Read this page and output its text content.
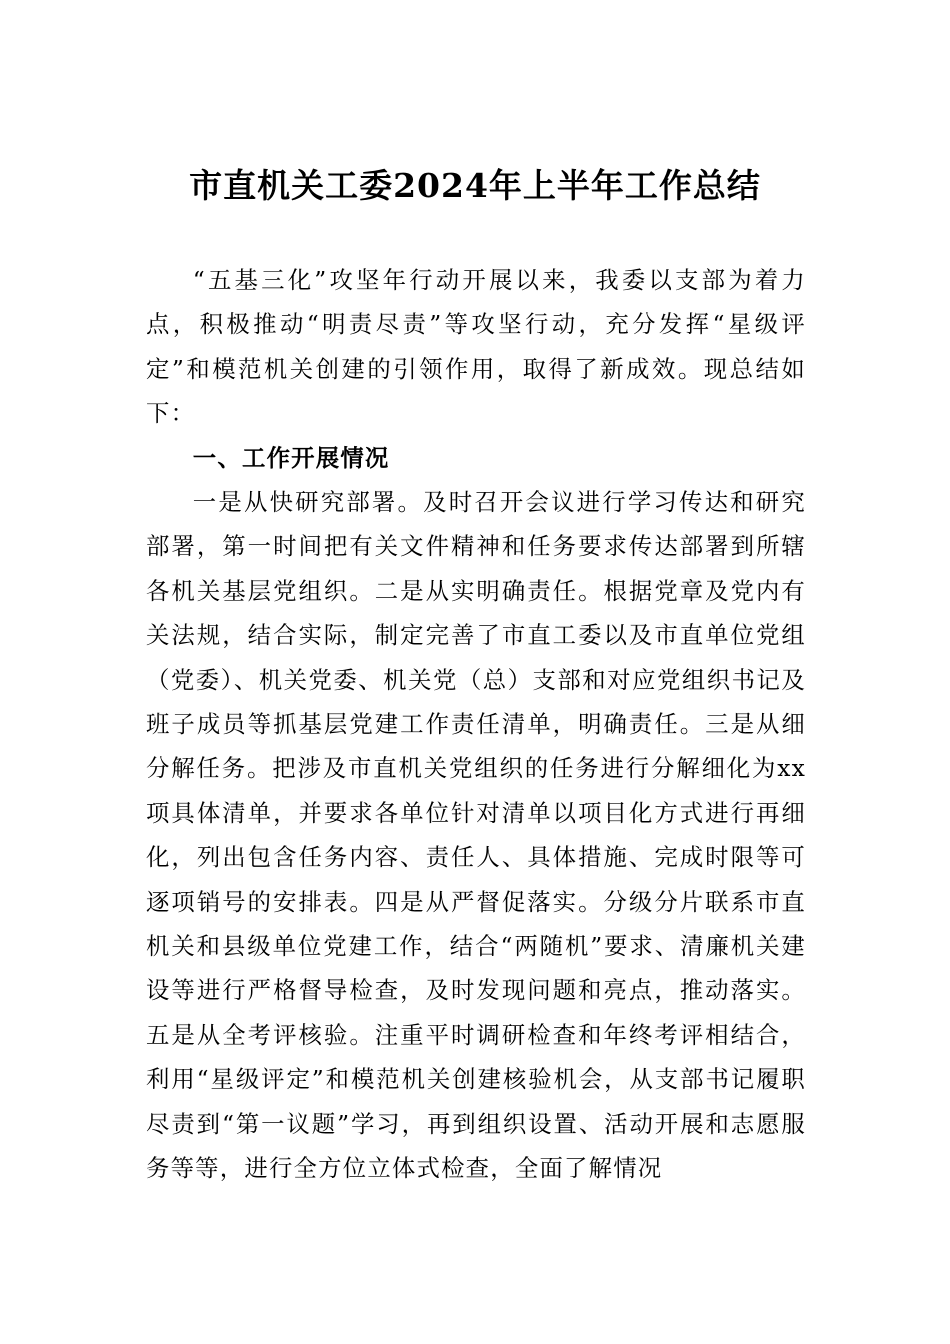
市直机关工委2024年上半年工作总结

“五基三化”攻坚年行动开展以来，我委以支部为着力点，积极推动“明责尽责”等攻坚行动，充分发挥“星级评定”和模范机关创建的引领作用，取得了新成效。现总结如下：

一、工作开展情况

一是从快研究部署。及时召开会议进行学习传达和研究部署，第一时间把有关文件精神和任务要求传达部署到所辖各机关基层党组织。二是从实明确责任。根据党章及党内有关法规，结合实际，制定完善了市直工委以及市直单位党组（党委）、机关党委、机关党（总）支部和对应党组织书记及班子成员等抓基层党建工作责任清单，明确责任。三是从细分解任务。把涉及市直机关党组织的任务进行分解细化为xx项具体清单，并要求各单位针对清单以项目化方式进行再细化，列出包含任务内容、责任人、具体措施、完成时限等可逐项销号的安排表。四是从严督促落实。分级分片联系市直机关和县级单位党建工作，结合“两随机”要求、清廉机关建设等进行严格督导检查，及时发现问题和亮点，推动落实。五是从全考评核验。注重平时调研检查和年终考评相结合，利用“星级评定”和模范机关创建核验机会，从支部书记履职尽责到“第一议题”学习，再到组织设置、活动开展和志愿服务等等，进行全方位立体式检查，全面了解情况
